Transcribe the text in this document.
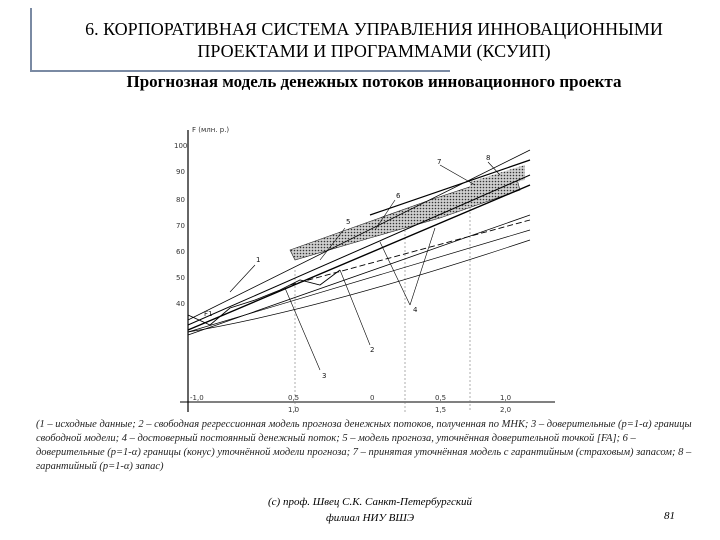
6. КОРПОРАТИВНАЯ СИСТЕМА УПРАВЛЕНИЯ ИННОВАЦИОННЫМИ
ПРОЕКТАМИ И ПРОГРАММАМИ (КСУИП)
Прогнозная модель денежных потоков инновационного проекта
F (млн. р.)
100
90
80
70
60
50
40
1
2
3
4
5
6
7	8
F1
-1,0	0,5	0	0,5	1,0
1,0	1,5	2,0
(1 – исходные данные; 2 – свободная регрессионная модель прогноза денежных потоков, полученная по МНК; 3 – доверительные (p=1-α) границы свободной модели; 4 – достоверный постоянный денежный поток; 5 – модель прогноза, уточнённая доверительной точкой [FA]; 6 – доверительные (p=1-α) границы (конус) уточнённой модели прогноза; 7 – принятая уточнённая модель с гарантийным (страховым) запасом; 8 – гарантийный (p=1-α) запас)
(с) проф. Швец С.К. Санкт-Петербургский
филиал НИУ ВШЭ	81
